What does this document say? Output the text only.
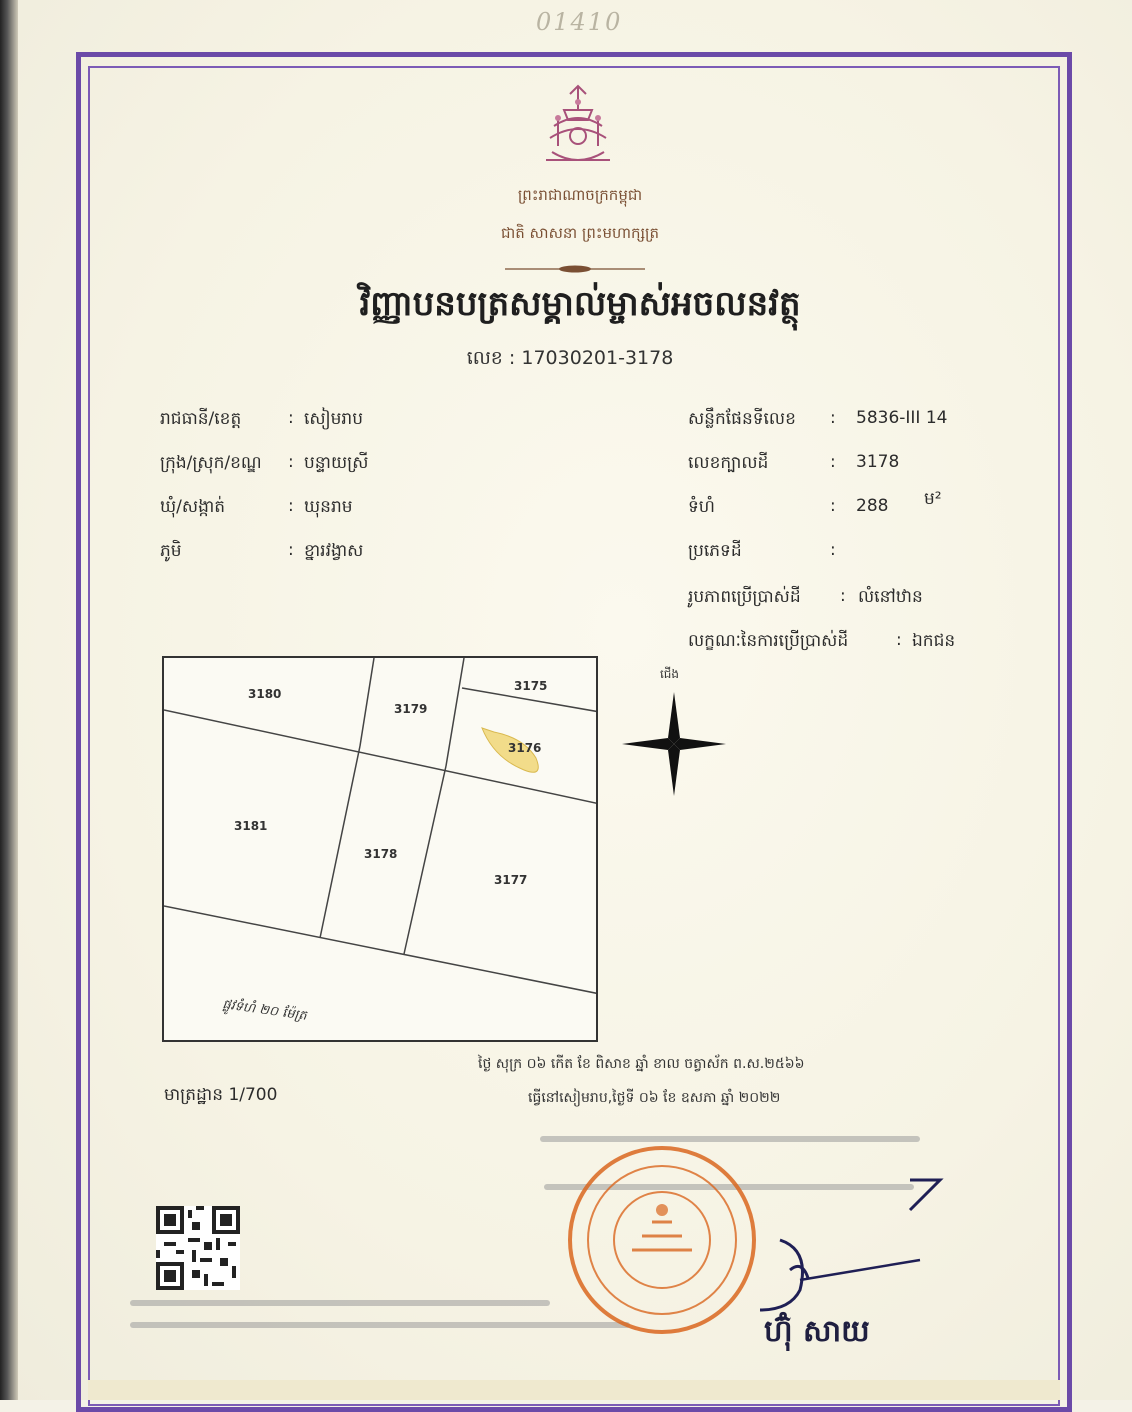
01410
ព្រះរាជាណាចក្រកម្ពុជា
ជាតិ សាសនា ព្រះមហាក្សត្រ
វិញ្ញាបនបត្រសម្គាល់ម្ចាស់អចលនវត្ថុ
លេខ : 17030201-3178
រាជធានី/ខេត្ត	: សៀមរាប
ក្រុង/ស្រុក/ខណ្ឌ : បន្ទាយស្រី
ឃុំ/សង្កាត់	: ឃុនរាម
ភូមិ	: ខ្នារវង្វាស
សន្លឹកផែនទីលេខ : 5836-III 14
លេខក្បាលដី	: 3178
ទំហំ	: 288 ម²
ប្រភេទដី	:
រូបភាពប្រើប្រាស់ដី : លំនៅឋាន
លក្ខណៈនៃការប្រើប្រាស់ដី	: ឯកជន
3180
3179
3175
3176
3181
3178
3177
ផ្លូវទំហំ ២០ ម៉ែត្រ
ជើង
មាត្រដ្ឋាន 1/700
ថ្ងៃ សុក្រ ០៦ កើត ខែ ពិសាខ ឆ្នាំ ខាល ចត្វាស័ក ព.ស.២៥៦៦
ធ្វើនៅសៀមរាប,ថ្ងៃទី ០៦ ខែ ឧសភា ឆ្នាំ ២០២២
ហ៊ុំ សាយ
